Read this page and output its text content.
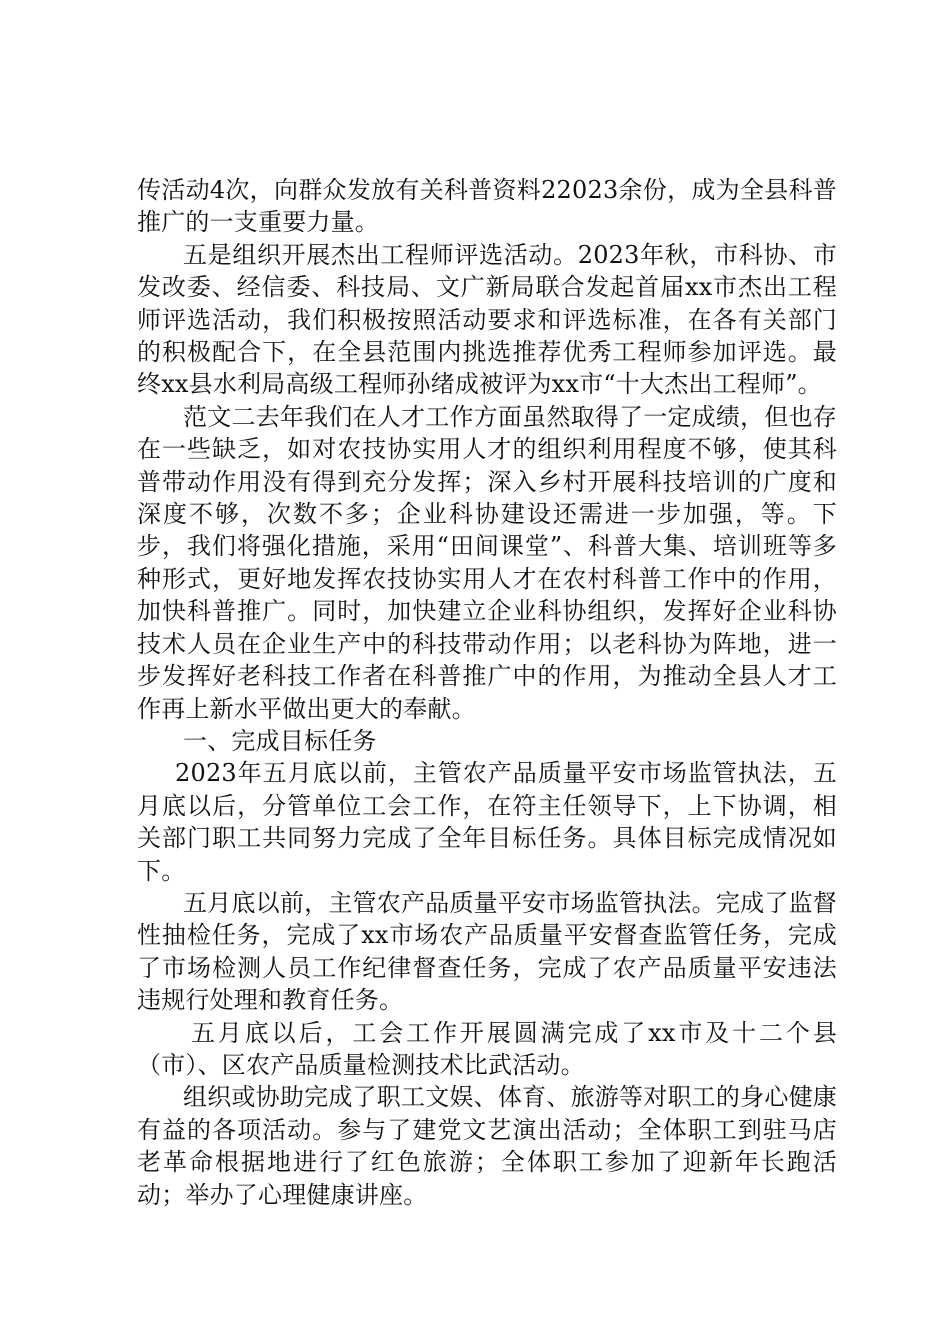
传活动4次，向群众发放有关科普资料22023余份，成为全县科普推广的一支重要力量。

五是组织开展杰出工程师评选活动。2023年秋，市科协、市发改委、经信委、科技局、文广新局联合发起首届xx市杰出工程师评选活动，我们积极按照活动要求和评选标准，在各有关部门的积极配合下，在全县范围内挑选推荐优秀工程师参加评选。最终xx县水利局高级工程师孙绪成被评为xx市“十大杰出工程师”。

范文二去年我们在人才工作方面虽然取得了一定成绩，但也存在一些缺乏，如对农技协实用人才的组织利用程度不够，使其科普带动作用没有得到充分发挥；深入乡村开展科技培训的广度和深度不够，次数不多；企业科协建设还需进一步加强，等。下步，我们将强化措施，采用“田间课堂”、科普大集、培训班等多种形式，更好地发挥农技协实用人才在农村科普工作中的作用，加快科普推广。同时，加快建立企业科协组织，发挥好企业科协技术人员在企业生产中的科技带动作用；以老科协为阵地，进一步发挥好老科技工作者在科普推广中的作用，为推动全县人才工作再上新水平做出更大的奉献。

一、完成目标任务

2023年五月底以前，主管农产品质量平安市场监管执法，五月底以后，分管单位工会工作，在符主任领导下，上下协调，相关部门职工共同努力完成了全年目标任务。具体目标完成情况如下。

五月底以前，主管农产品质量平安市场监管执法。完成了监督性抽检任务，完成了xx市场农产品质量平安督查监管任务，完成了市场检测人员工作纪律督查任务，完成了农产品质量平安违法违规行处理和教育任务。

五月底以后，工会工作开展圆满完成了xx市及十二个县（市）、区农产品质量检测技术比武活动。

组织或协助完成了职工文娱、体育、旅游等对职工的身心健康有益的各项活动。参与了建党文艺演出活动；全体职工到驻马店老革命根据地进行了红色旅游；全体职工参加了迎新年长跑活动；举办了心理健康讲座。
